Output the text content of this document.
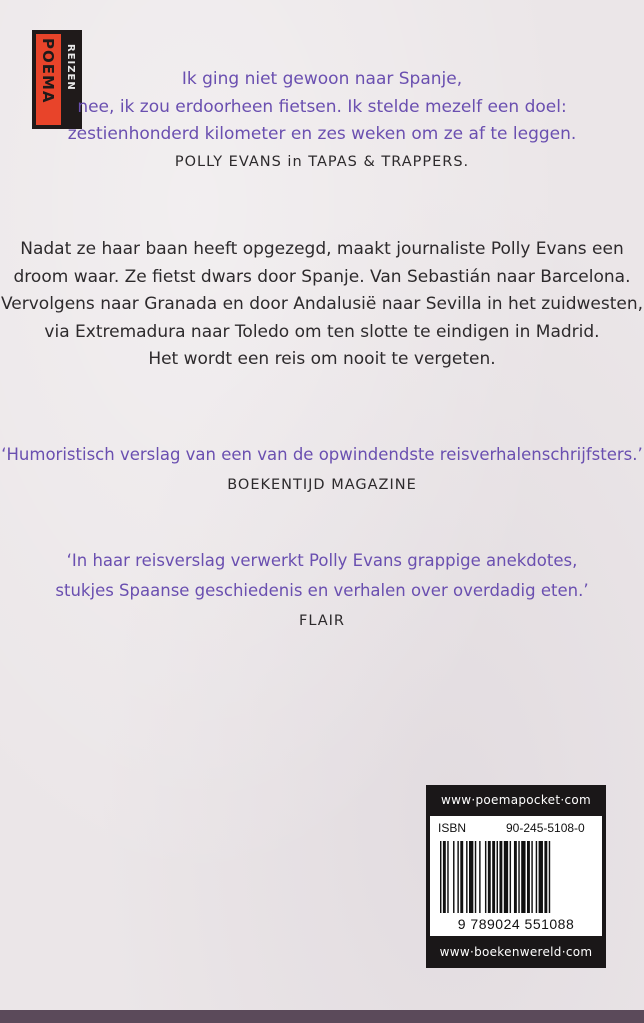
POEMA REIZEN	Ik ging niet gewoon naar Spanje,
nee, ik zou erdoorheen fietsen. Ik stelde mezelf een doel:
zestienhonderd kilometer en zes weken om ze af te leggen.
POLLY EVANS in TAPAS & TRAPPERS.
Nadat ze haar baan heeft opgezegd, maakt journaliste Polly Evans een
droom waar. Ze fietst dwars door Spanje. Van Sebastián naar Barcelona.
Vervolgens naar Granada en door Andalusië naar Sevilla in het zuidwesten,
via Extremadura naar Toledo om ten slotte te eindigen in Madrid.
Het wordt een reis om nooit te vergeten.
‘Humoristisch verslag van een van de opwindendste reisverhalenschrijfsters.’
BOEKENTIJD MAGAZINE
‘In haar reisverslag verwerkt Polly Evans grappige anekdotes,
stukjes Spaanse geschiedenis en verhalen over overdadig eten.’
FLAIR
www·poemapocket·com
ISBN	90-245-5108-0
9 789024 551088
www·boekenwereld·com
